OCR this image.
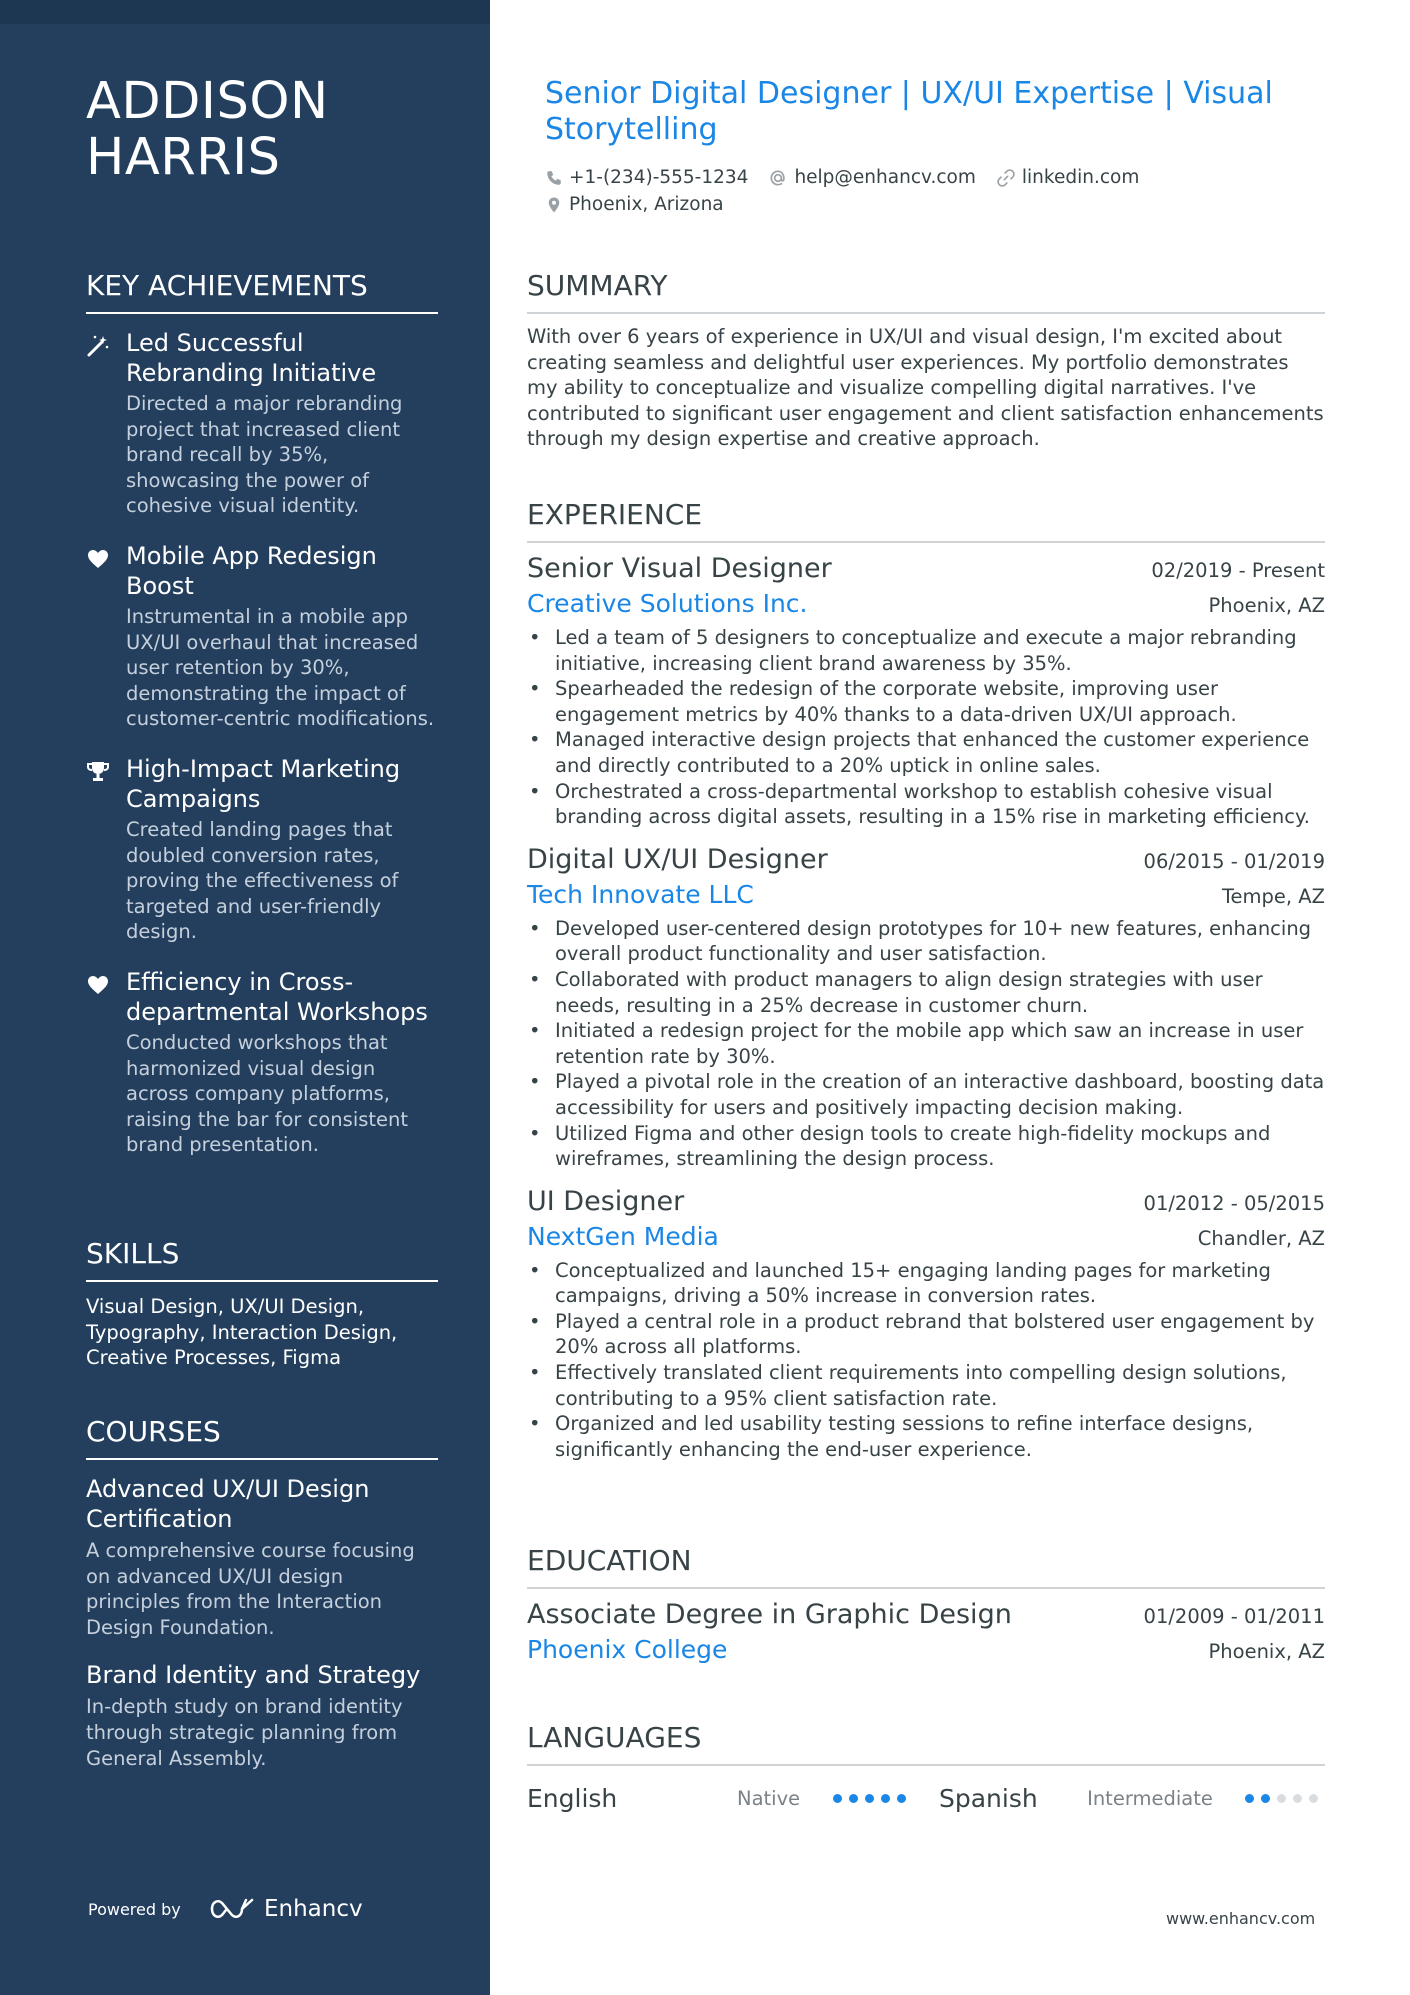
ADDISON
HARRIS
KEY ACHIEVEMENTS
Led Successful Rebranding Initiative
Directed a major rebranding project that increased client brand recall by 35%, showcasing the power of cohesive visual identity.
Mobile App Redesign Boost
Instrumental in a mobile app UX/UI overhaul that increased user retention by 30%, demonstrating the impact of customer-centric modifications.
High-Impact Marketing Campaigns
Created landing pages that doubled conversion rates, proving the effectiveness of targeted and user-friendly design.
Efficiency in Cross-departmental Workshops
Conducted workshops that harmonized visual design across company platforms, raising the bar for consistent brand presentation.
SKILLS
Visual Design, UX/UI Design, Typography, Interaction Design, Creative Processes, Figma
COURSES
Advanced UX/UI Design Certification
A comprehensive course focusing on advanced UX/UI design principles from the Interaction Design Foundation.
Brand Identity and Strategy
In-depth study on brand identity through strategic planning from General Assembly.
Powered by	Enhancv
Senior Digital Designer | UX/UI Expertise | Visual Storytelling
+1-(234)-555-1234 help@enhancv.com linkedin.com
Phoenix, Arizona
SUMMARY
With over 6 years of experience in UX/UI and visual design, I'm excited about creating seamless and delightful user experiences. My portfolio demonstrates my ability to conceptualize and visualize compelling digital narratives. I've contributed to significant user engagement and client satisfaction enhancements through my design expertise and creative approach.
EXPERIENCE
Senior Visual Designer	02/2019 - Present
Creative Solutions Inc.	Phoenix, AZ
• Led a team of 5 designers to conceptualize and execute a major rebranding initiative, increasing client brand awareness by 35%.
• Spearheaded the redesign of the corporate website, improving user engagement metrics by 40% thanks to a data-driven UX/UI approach.
• Managed interactive design projects that enhanced the customer experience and directly contributed to a 20% uptick in online sales.
• Orchestrated a cross-departmental workshop to establish cohesive visual branding across digital assets, resulting in a 15% rise in marketing efficiency.
Digital UX/UI Designer	06/2015 - 01/2019
Tech Innovate LLC	Tempe, AZ
• Developed user-centered design prototypes for 10+ new features, enhancing overall product functionality and user satisfaction.
• Collaborated with product managers to align design strategies with user needs, resulting in a 25% decrease in customer churn.
• Initiated a redesign project for the mobile app which saw an increase in user retention rate by 30%.
• Played a pivotal role in the creation of an interactive dashboard, boosting data accessibility for users and positively impacting decision making.
• Utilized Figma and other design tools to create high-fidelity mockups and wireframes, streamlining the design process.
UI Designer	01/2012 - 05/2015
NextGen Media	Chandler, AZ
• Conceptualized and launched 15+ engaging landing pages for marketing campaigns, driving a 50% increase in conversion rates.
• Played a central role in a product rebrand that bolstered user engagement by 20% across all platforms.
• Effectively translated client requirements into compelling design solutions, contributing to a 95% client satisfaction rate.
• Organized and led usability testing sessions to refine interface designs, significantly enhancing the end-user experience.
EDUCATION
Associate Degree in Graphic Design	01/2009 - 01/2011
Phoenix College	Phoenix, AZ
LANGUAGES
English	Native	Spanish	Intermediate
www.enhancv.com
